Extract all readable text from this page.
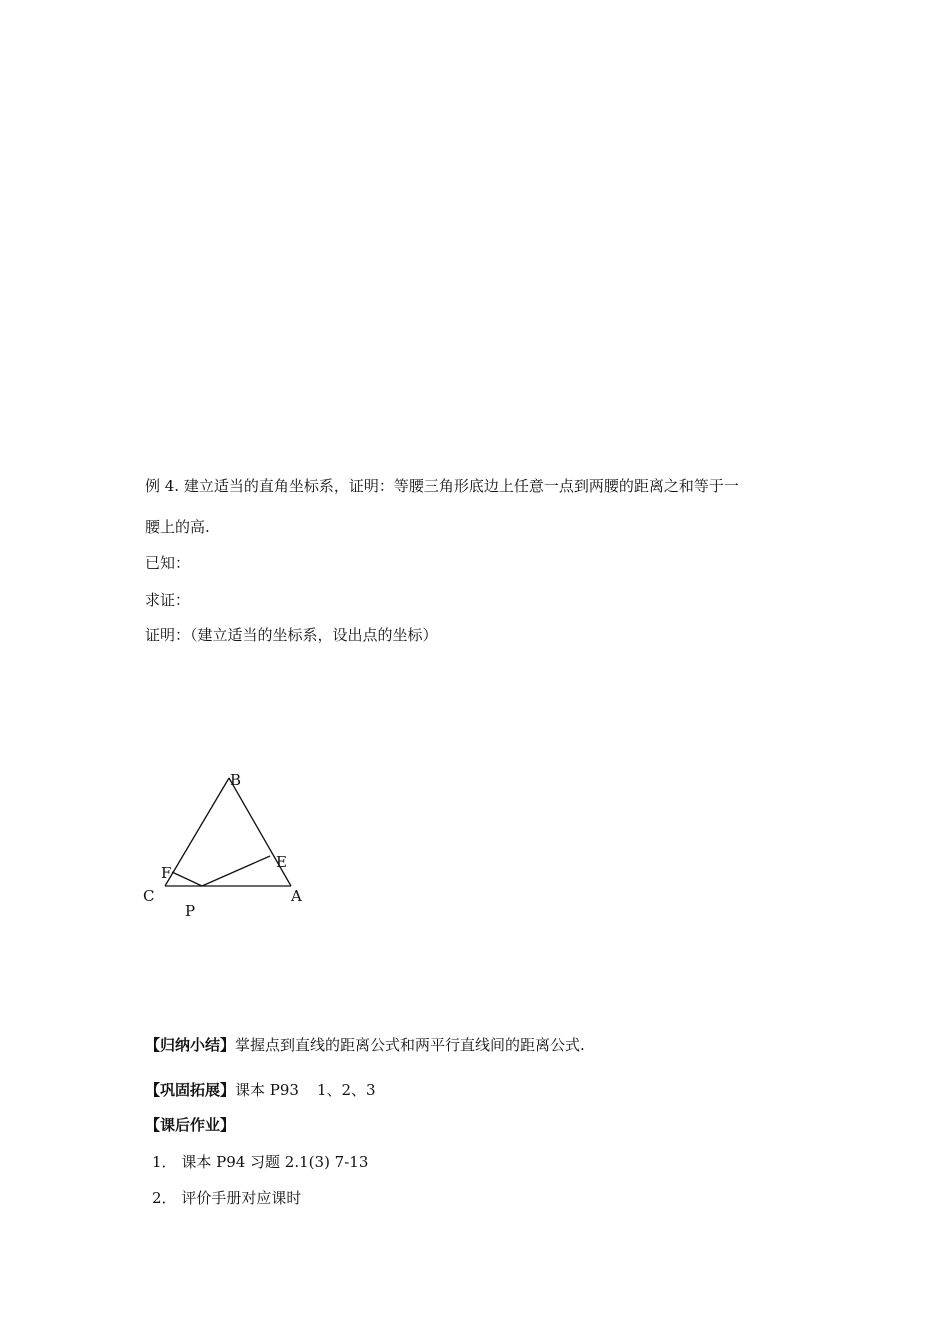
例 4. 建立适当的直角坐标系，证明：等腰三角形底边上任意一点到两腰的距离之和等于一
腰上的高.
已知：
求证：
证明：（建立适当的坐标系，设出点的坐标）
B
E
F
C	A
P
【归纳小结】掌握点到直线的距离公式和两平行直线间的距离公式.
【巩固拓展】课本 P93 1、2、3
【课后作业】
1． 课本 P94 习题 2.1(3) 7-13
2． 评价手册对应课时
